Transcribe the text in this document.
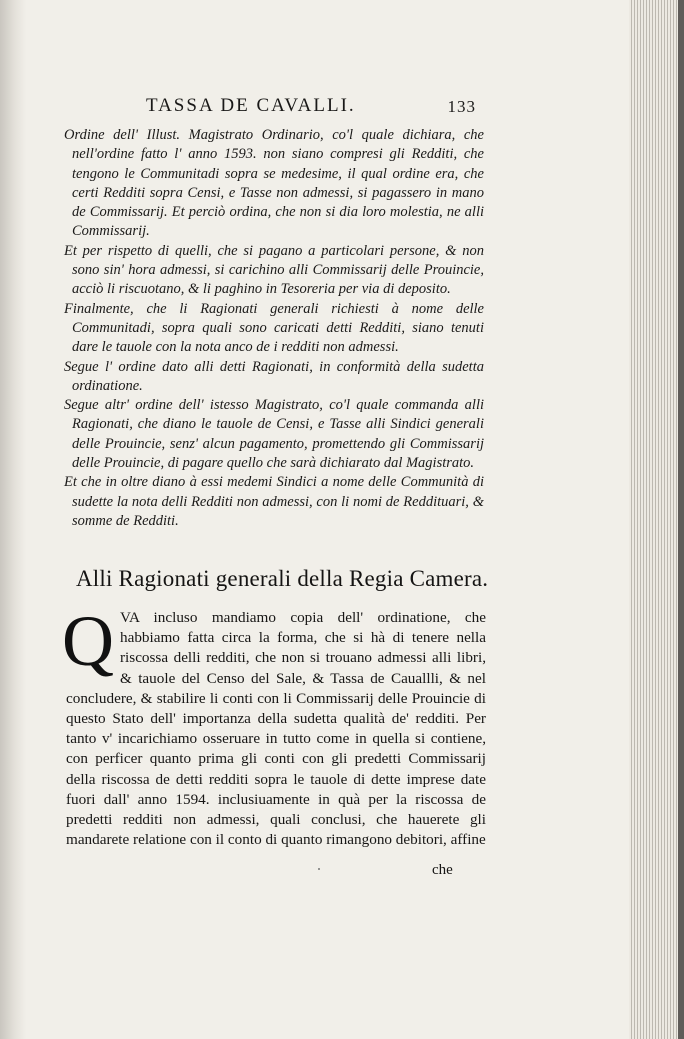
TASSA DE CAVALLI.	133

Ordine dell' Illust. Magistrato Ordinario, co'l quale dichiara, che nell'ordine fatto l' anno 1593. non siano compresi gli Redditi, che tengono le Communitadi sopra se medesime, il qual ordine era, che certi Redditi sopra Censi, e Tasse non admessi, si pagassero in mano de Commissarij. Et perciò ordina, che non si dia loro molestia, ne alli Commissarij.

Et per rispetto di quelli, che si pagano a particolari persone, & non sono sin' hora admessi, si carichino alli Commissarij delle Prouincie, acciò li riscuotano, & li paghino in Tesoreria per via di deposito.

Finalmente, che li Ragionati generali richiesti à nome delle Communitadi, sopra quali sono caricati detti Redditi, siano tenuti dare le tauole con la nota anco de i redditi non admessi.

Segue l' ordine dato alli detti Ragionati, in conformità della sudetta ordinatione.

Segue altr' ordine dell' istesso Magistrato, co'l quale commanda alli Ragionati, che diano le tauole de Censi, e Tasse alli Sindici generali delle Prouincie, senz' alcun pagamento, promettendo gli Commissarij delle Prouincie, di pagare quello che sarà dichiarato dal Magistrato.

Et che in oltre diano à essi medemi Sindici a nome delle Communità di sudette la nota delli Redditi non admessi, con li nomi de Reddituari, & somme de Redditi.

Alli Ragionati generali della Regia Camera.
Q VA incluso mandiamo copia dell' ordinatione, che habbiamo fatta circa la forma, che si hà di tenere nella riscossa delli redditi, che non si trouano admessi alli libri, & tauole del Censo del Sale, & Tassa de Cauallli, & nel concludere, & stabilire li conti con li Commissarij delle Prouincie di questo Stato dell' importanza della sudetta qualità de' redditi. Per tanto v' incarichiamo osseruare in tutto come in quella si contiene, con perficer quanto prima gli conti con gli predetti Commissarij della riscossa de detti redditi sopra le tauole di dette imprese date fuori dall' anno 1594. inclusiuamente in quà per la riscossa de predetti redditi non admessi, quali conclusi, che hauerete gli mandarete relatione con il conto di quanto rimangono debitori, affine
che
